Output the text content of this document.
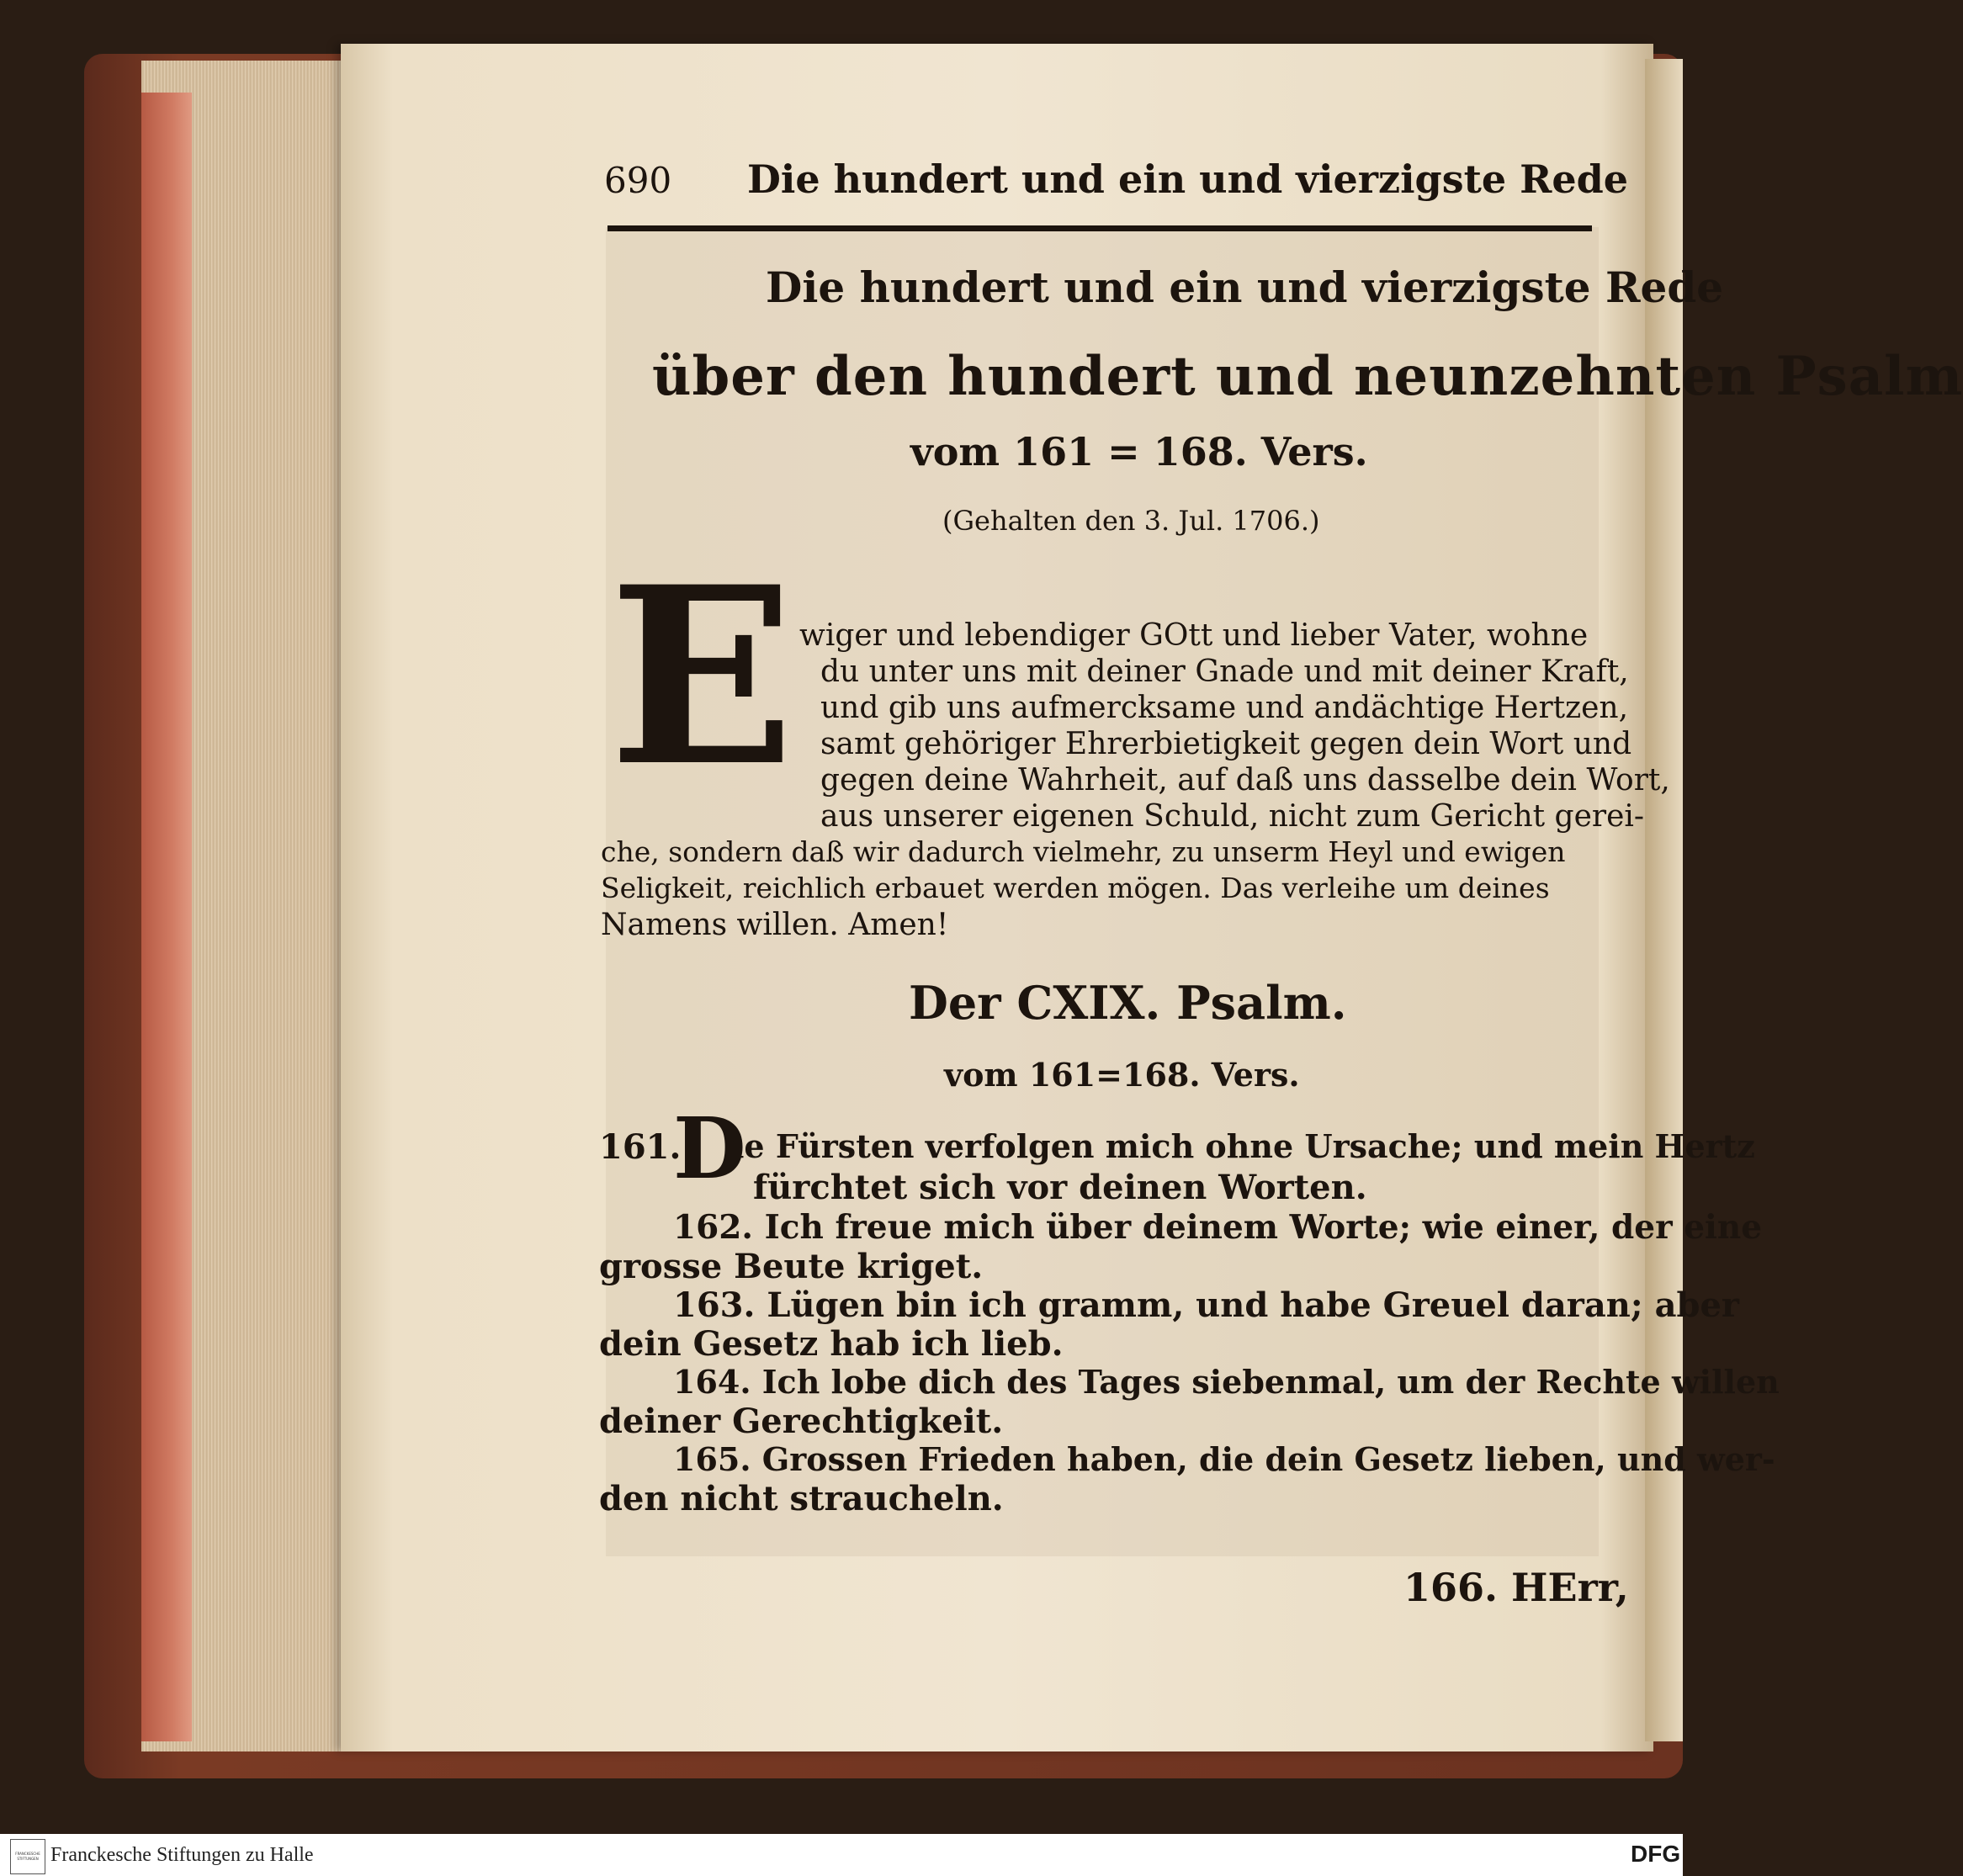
690 Die hundert und ein und vierzigste Rede
Die hundert und ein und vierzigste Rede
über den hundert und neunzehnten Psalm
vom 161 = 168. Vers.
(Gehalten den 3. Jul. 1706.)
E wiger und lebendiger GOtt und lieber Vater, wohne
du unter uns mit deiner Gnade und mit deiner Kraft,
und gib uns aufmercksame und andächtige Hertzen,
samt gehöriger Ehrerbietigkeit gegen dein Wort und
gegen deine Wahrheit, auf daß uns dasselbe dein Wort,
aus unserer eigenen Schuld, nicht zum Gericht gerei-
che, sondern daß wir dadurch vielmehr, zu unserm Heyl und ewigen
Seligkeit, reichlich erbauet werden mögen. Das verleihe um deines
Namens willen. Amen!
Der CXIX. Psalm.
vom 161=168. Vers.
161.
D
ie Fürsten verfolgen mich ohne Ursache; und mein Hertz
fürchtet sich vor deinen Worten.
162. Ich freue mich über deinem Worte; wie einer, der eine
grosse Beute kriget.
163. Lügen bin ich gramm, und habe Greuel daran; aber
dein Gesetz hab ich lieb.
164. Ich lobe dich des Tages siebenmal, um der Rechte willen
deiner Gerechtigkeit.
165. Grossen Frieden haben, die dein Gesetz lieben, und wer-
den nicht straucheln.
166. HErr,
FRANCKESCHE STIFTUNGEN Franckesche Stiftungen zu Halle	DFG
